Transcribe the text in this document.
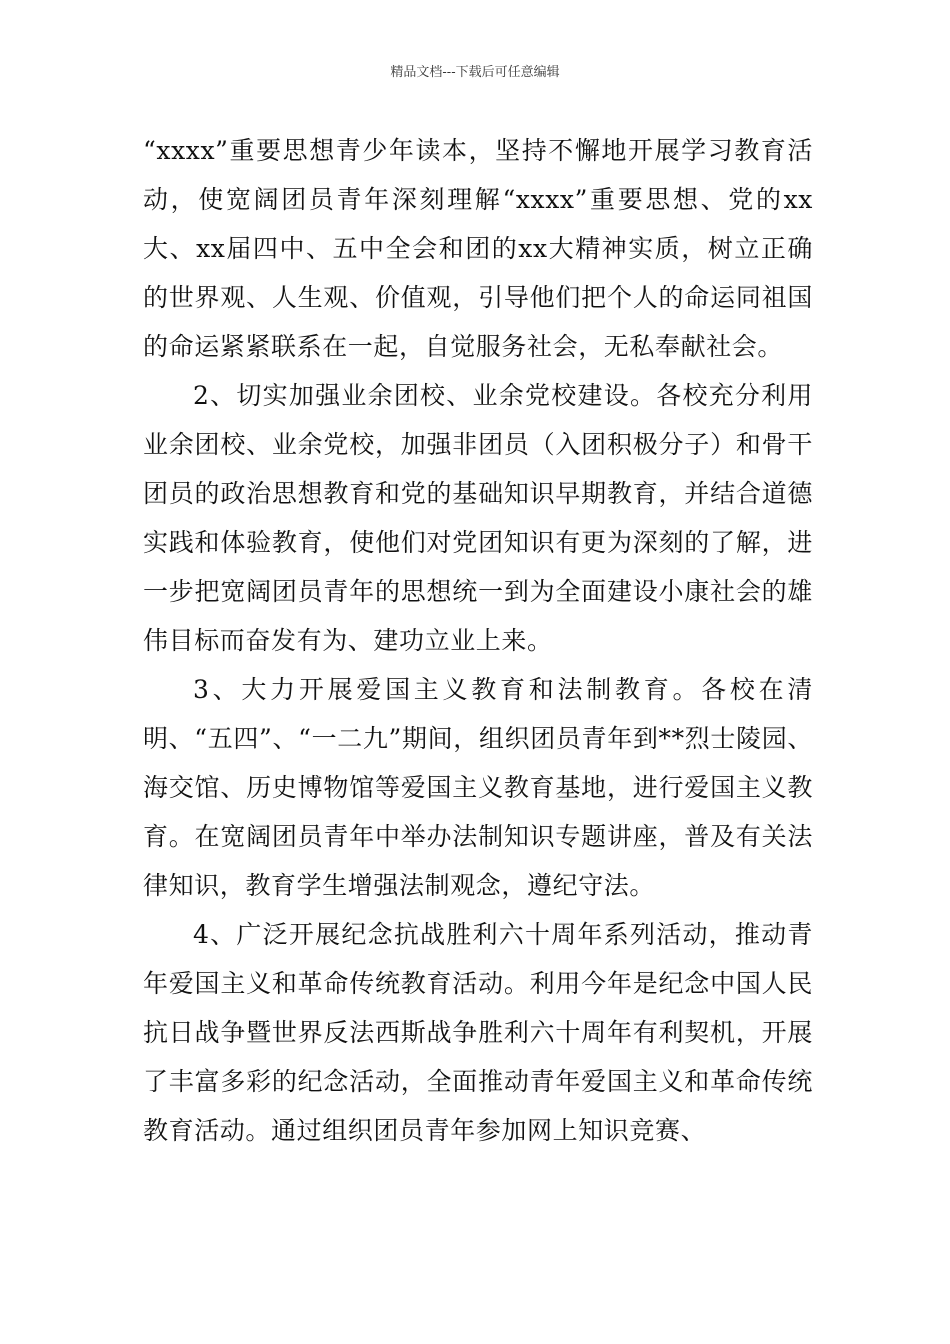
精品文档---下载后可任意编辑

“xxxx”重要思想青少年读本，坚持不懈地开展学习教育活动，使宽阔团员青年深刻理解“xxxx”重要思想、党的xx大、xx届四中、五中全会和团的xx大精神实质，树立正确的世界观、人生观、价值观，引导他们把个人的命运同祖国的命运紧紧联系在一起，自觉服务社会，无私奉献社会。

2、切实加强业余团校、业余党校建设。各校充分利用业余团校、业余党校，加强非团员（入团积极分子）和骨干团员的政治思想教育和党的基础知识早期教育，并结合道德实践和体验教育，使他们对党团知识有更为深刻的了解，进一步把宽阔团员青年的思想统一到为全面建设小康社会的雄伟目标而奋发有为、建功立业上来。

3、大力开展爱国主义教育和法制教育。各校在清明、“五四”、“一二九”期间，组织团员青年到**烈士陵园、海交馆、历史博物馆等爱国主义教育基地，进行爱国主义教育。在宽阔团员青年中举办法制知识专题讲座，普及有关法律知识，教育学生增强法制观念，遵纪守法。

4、广泛开展纪念抗战胜利六十周年系列活动，推动青年爱国主义和革命传统教育活动。利用今年是纪念中国人民抗日战争暨世界反法西斯战争胜利六十周年有利契机，开展了丰富多彩的纪念活动，全面推动青年爱国主义和革命传统教育活动。通过组织团员青年参加网上知识竞赛、
